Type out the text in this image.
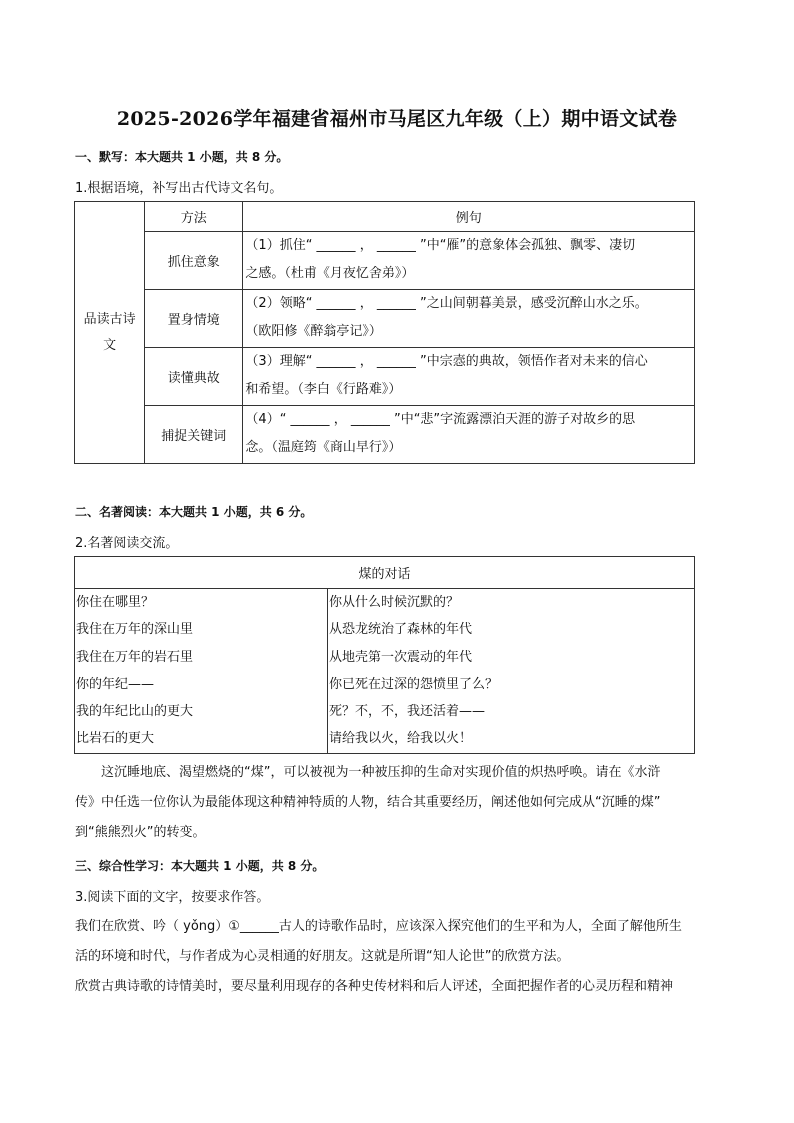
2025-2026学年福建省福州市马尾区九年级（上）期中语文试卷
一、默写：本大题共 1 小题，共 8 分。
1.根据语境，补写出古代诗文名句。
品读古诗
文	方法	例句
	抓住意象	（1）抓住“ ______ ， ______ ”中“雁”的意象体会孤独、飘零、凄切
之感。（杜甫《月夜忆舍弟》）

	置身情境	（2）领略“ ______ ， ______ ”之山间朝暮美景，感受沉醉山水之乐。
（欧阳修《醉翁亭记》）

	读懂典故	（3）理解“ ______ ， ______ ”中宗悫的典故，领悟作者对未来的信心
和希望。（李白《行路难》）

	捕捉关键词	（4）“ ______ ， ______ ”中“悲”字流露漂泊天涯的游子对故乡的思
念。（温庭筠《商山早行》）
二、名著阅读：本大题共 1 小题，共 6 分。
2.名著阅读交流。
煤的对话

你住在哪里？
我住在万年的深山里
我住在万年的岩石里
你的年纪——
我的年纪比山的更大
比岩石的更大

你从什么时候沉默的？
从恐龙统治了森林的年代
从地壳第一次震动的年代
你已死在过深的怨愤里了么？
死？不，不，我还活着——
请给我以火，给我以火！
这沉睡地底、渴望燃烧的“煤”，可以被视为一种被压抑的生命对实现价值的炽热呼唤。请在《水浒
传》中任选一位你认为最能体现这种精神特质的人物，结合其重要经历，阐述他如何完成从“沉睡的煤”
到“熊熊烈火”的转变。
三、综合性学习：本大题共 1 小题，共 8 分。
3.阅读下面的文字，按要求作答。
我们在欣赏、吟（ yǒng）①______古人的诗歌作品时，应该深入探究他们的生平和为人，全面了解他所生
活的环境和时代，与作者成为心灵相通的好朋友。这就是所谓“知人论世”的欣赏方法。
欣赏古典诗歌的诗情美时，要尽量利用现存的各种史传材料和后人评述，全面把握作者的心灵历程和精神
